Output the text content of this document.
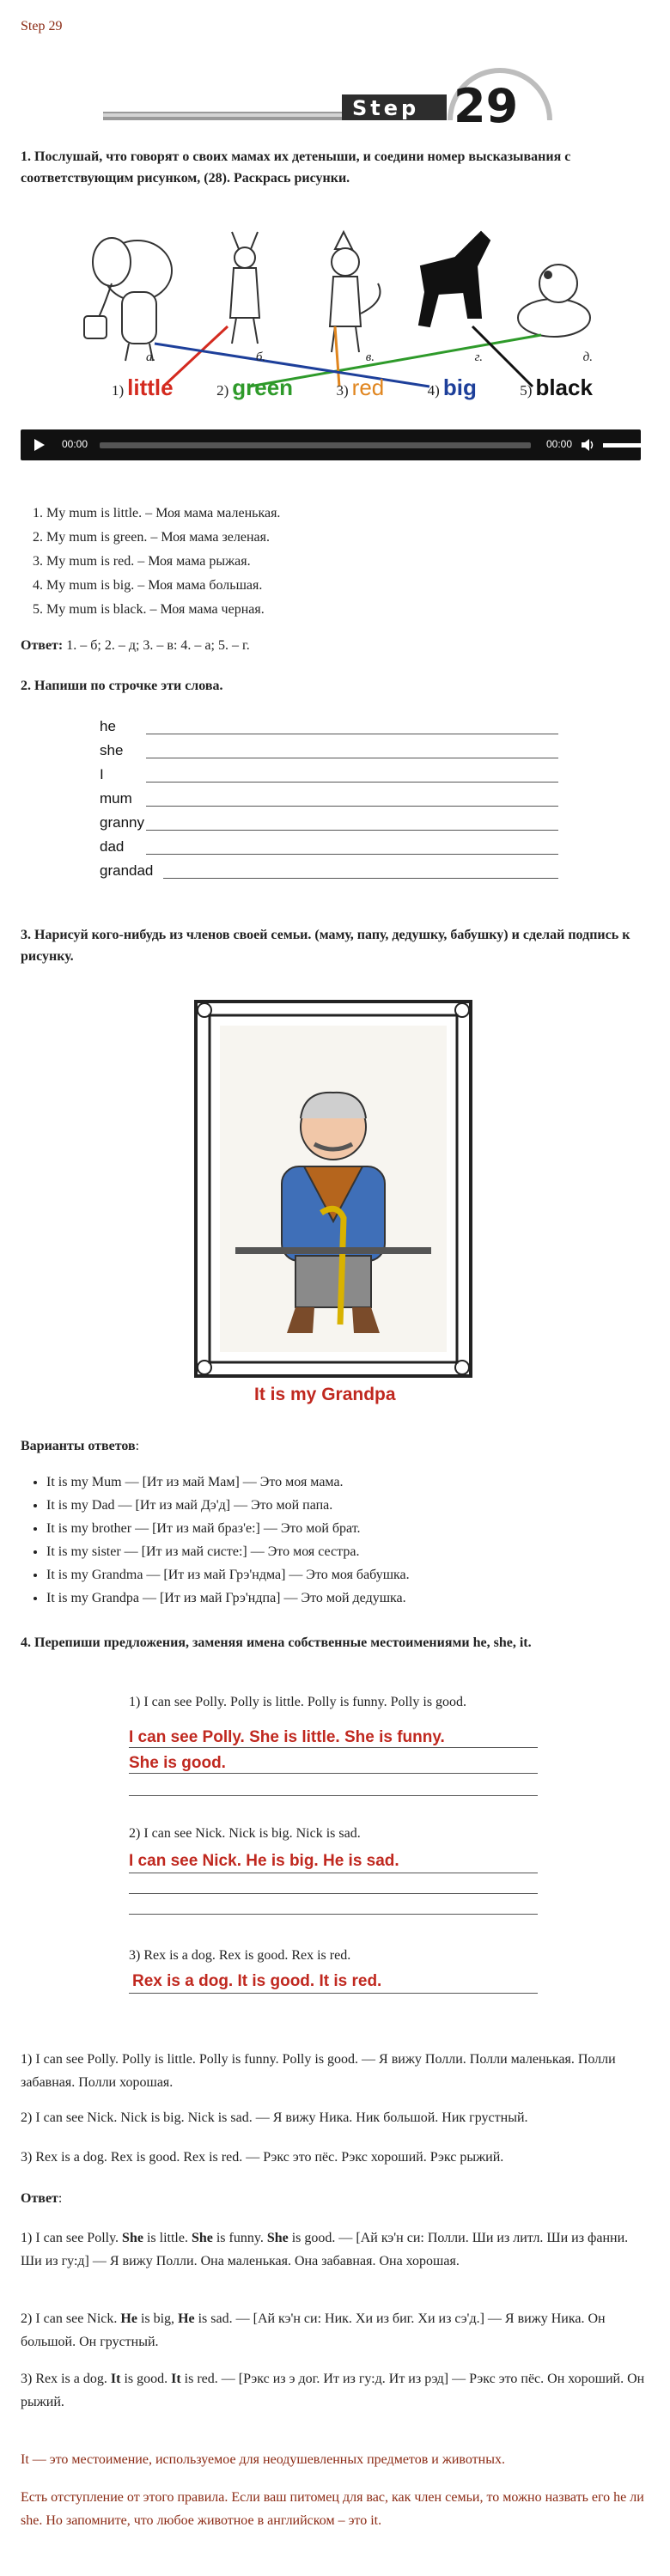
Step 29
Step 29
1. Послушай, что говорят о своих мамах их детеныши, и соедини номер высказывания с соответствующим рисунком, (28). Раскрась рисунки.
а.	б.	в.	г.	д.
1) little	2) green	3) red	4) big	5) black
00:00	00:00
1. My mum is little. – Моя мама маленькая.
2. My mum is green. – Моя мама зеленая.
3. My mum is red. – Моя мама рыжая.
4. My mum is big. – Моя мама большая.
5. My mum is black. – Моя мама черная.
Ответ: 1. – б; 2. – д; 3. – в: 4. – а; 5. – г.
2. Напиши по строчке эти слова.
he
she
I
mum
granny
dad
grandad
3. Нарисуй кого-нибудь из членов своей семьи. (маму, папу, дедушку, бабушку) и сделай подпись к рисунку.
It is my Grandpa
Варианты ответов:
• It is my Mum — [Ит из май Мам] — Это моя мама.
• It is my Dad — [Ит из май Дэ'д] — Это мой папа.
• It is my brother — [Ит из май браз'е:] — Это мой брат.
• It is my sister — [Ит из май систе:] — Это моя сестра.
• It is my Grandma — [Ит из май Грэ'ндма] — Это моя бабушка.
• It is my Grandpa — [Ит из май Грэ'ндпа] — Это мой дедушка.
4. Перепиши предложения, заменяя имена собственные местоимениями he, she, it.
1) I can see Polly. Polly is little. Polly is funny. Polly is good.
I can see Polly. She is little. She is funny.
She is good.
2) I can see Nick. Nick is big. Nick is sad.
I can see Nick. He is big. He is sad.
3) Rex is a dog. Rex is good. Rex is red.
Rex is a dog. It is good. It is red.
1) I can see Polly. Polly is little. Polly is funny. Polly is good. — Я вижу Полли. Полли маленькая. Полли забавная. Полли хорошая.
2) I can see Nick. Nick is big. Nick is sad. — Я вижу Ника. Ник большой. Ник грустный.
3) Rex is a dog. Rex is good. Rex is red. — Рэкс это пёс. Рэкс хороший. Рэкс рыжий.
Ответ:
1) I can see Polly. She is little. She is funny. She is good. — [Ай кэ'н си: Полли. Ши из литл. Ши из фанни. Ши из гу:д] — Я вижу Полли. Она маленькая. Она забавная. Она хорошая.
2) I can see Nick. He is big, He is sad. — [Ай кэ'н си: Ник. Хи из биг. Хи из сэ'д.] — Я вижу Ника. Он большой. Он грустный.
3) Rex is a dog. It is good. It is red. — [Рэкс из э дог. Ит из гу:д. Ит из рэд] — Рэкс это пёс. Он хороший. Он рыжий.
It — это местоимение, используемое для неодушевленных предметов и животных.
Есть отступление от этого правила. Если ваш питомец для вас, как член семьи, то можно назвать его he ли she. Но запомните, что любое животное в английском – это it.
